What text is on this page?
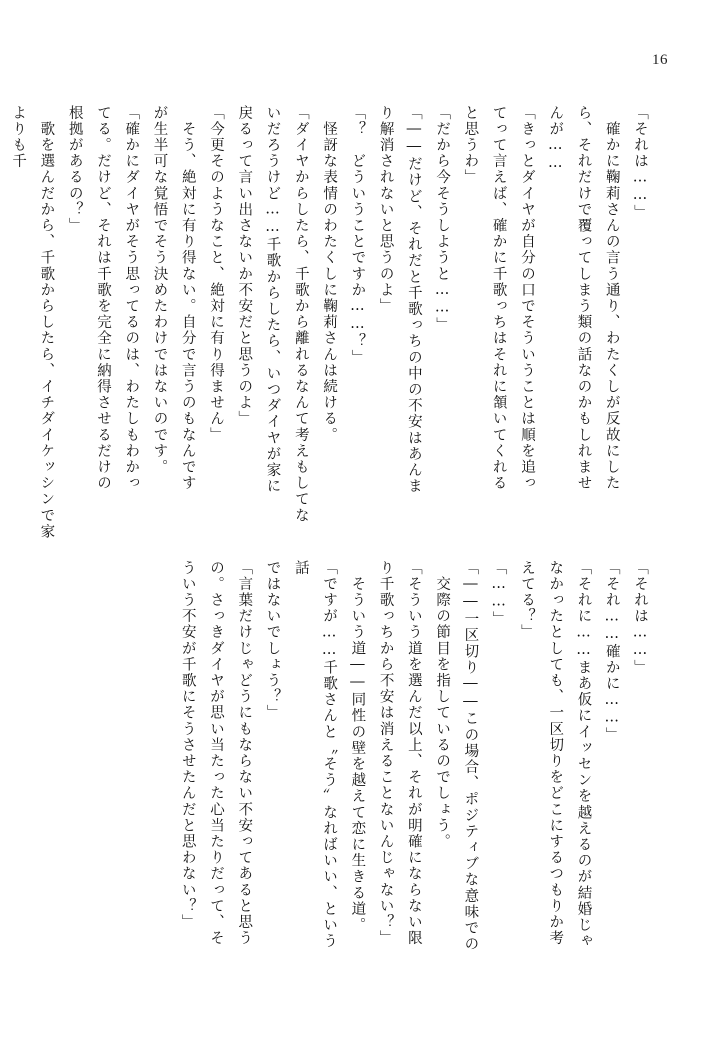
16
「それは……」
　確かに鞠莉さんの言う通り、わたくしが反故にした
ら、それだけで覆ってしまう類の話なのかもしれませ
んが……
「きっとダイヤが自分の口でそういうことは順を追っ
てって言えば、確かに千歌っちはそれに頷いてくれる
と思うわ」
「だから今そうしようと……」
「――だけど、それだと千歌っちの中の不安はあんま
り解消されないと思うのよ」
「？　どういうことですか……？」
　怪訝な表情のわたくしに鞠莉さんは続ける。
「ダイヤからしたら、千歌から離れるなんて考えもしてな
いだろうけど……千歌からしたら、いつダイヤが家に
戻るって言い出さないか不安だと思うのよ」
「今更そのようなこと、絶対に有り得ません」
　そう、絶対に有り得ない。自分で言うのもなんです
が生半可な覚悟でそう決めたわけではないのです。
「確かにダイヤがそう思ってるのは、わたしもわかっ
てる。だけど、それは千歌を完全に納得させるだけの
根拠があるの？」
　歌を選んだから、千歌からしたら、イチダイケッシンで家よりも千
「それは……」
「それ……確かに……」
「それに……まあ仮にイッセンを越えるのが結婚じゃ
なかったとしても、一区切りをどこにするつもりか考
えてる？」
「……」
「――一区切り――この場合、ポジティブな意味での
　交際の節目を指しているのでしょう。
「そういう道を選んだ以上、それが明確にならない限
り千歌っちから不安は消えることないんじゃない？」
　そういう道――同性の壁を越えて恋に生きる道。
「ですが……千歌さんと〝そう〟なればいい、という話
ではないでしょう？」
「言葉だけじゃどうにもならない不安ってあると思う
の。さっきダイヤが思い当たった心当たりだって、そ
ういう不安が千歌にそうさせたんだと思わない？」
